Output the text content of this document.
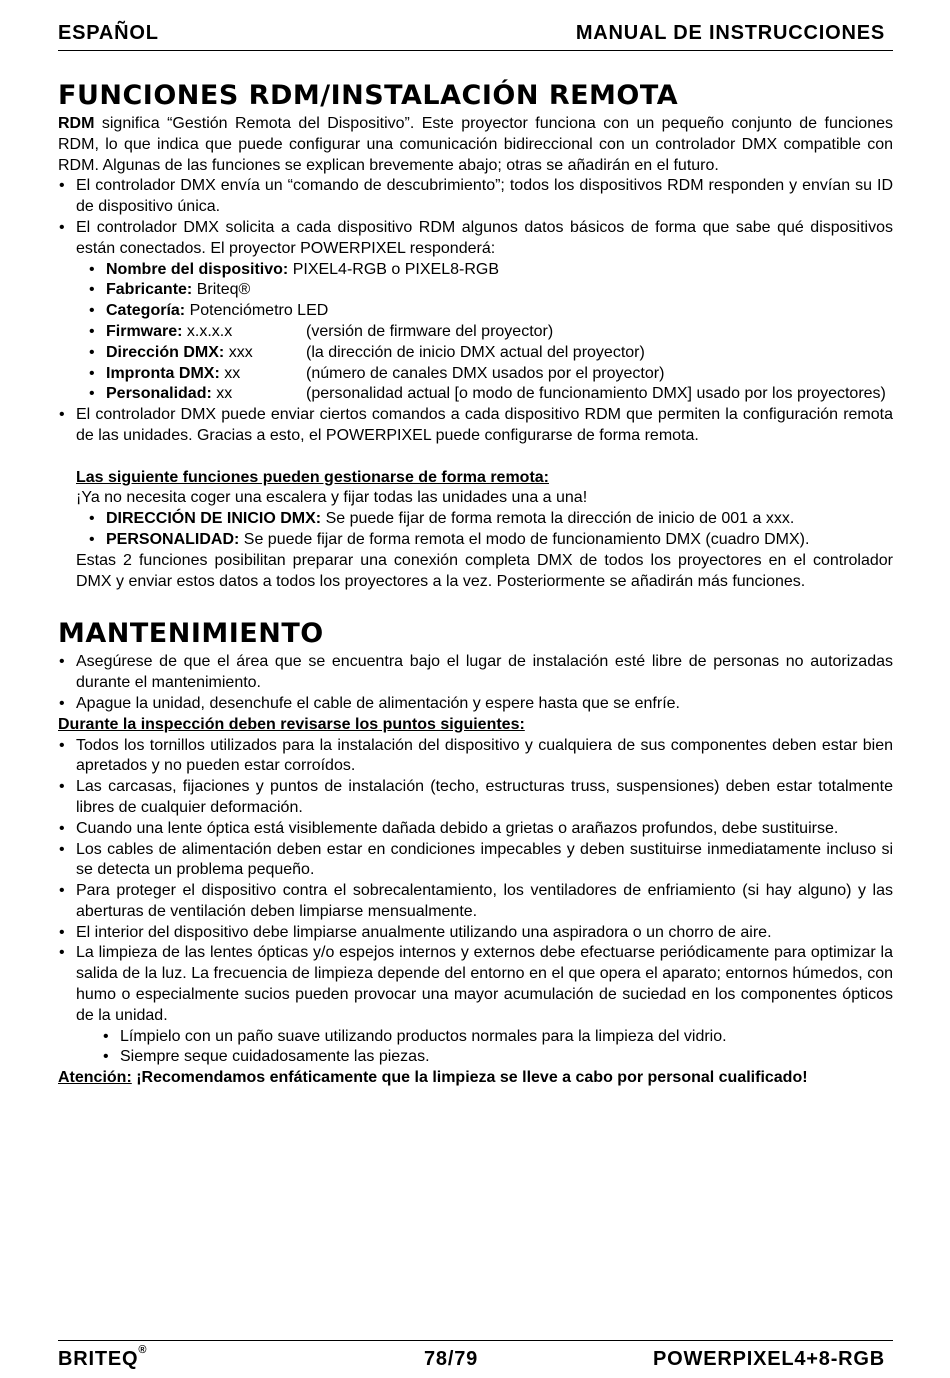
ESPAÑOL	MANUAL DE INSTRUCCIONES
FUNCIONES RDM/INSTALACIÓN REMOTA

RDM significa “Gestión Remota del Dispositivo”. Este proyector funciona con un pequeño conjunto de funciones RDM, lo que indica que puede configurar una comunicación bidireccional con un controlador DMX compatible con RDM. Algunas de las funciones se explican brevemente abajo; otras se añadirán en el futuro.

• El controlador DMX envía un “comando de descubrimiento”; todos los dispositivos RDM responden y envían su ID de dispositivo única.
• El controlador DMX solicita a cada dispositivo RDM algunos datos básicos de forma que sabe qué dispositivos están conectados. El proyector POWERPIXEL responderá:
• Nombre del dispositivo: PIXEL4-RGB o PIXEL8-RGB
• Fabricante: Briteq®
• Categoría: Potenciómetro LED
• Firmware: x.x.x.x	(versión de firmware del proyector)
• Dirección DMX: xxx	(la dirección de inicio DMX actual del proyector)
• Impronta DMX: xx	(número de canales DMX usados por el proyector)
• Personalidad: xx	(personalidad actual [o modo de funcionamiento DMX] usado por los proyectores)
• El controlador DMX puede enviar ciertos comandos a cada dispositivo RDM que permiten la configuración remota de las unidades. Gracias a esto, el POWERPIXEL puede configurarse de forma remota.
Las siguiente funciones pueden gestionarse de forma remota:
¡Ya no necesita coger una escalera y fijar todas las unidades una a una!
• DIRECCIÓN DE INICIO DMX: Se puede fijar de forma remota la dirección de inicio de 001 a xxx.
• PERSONALIDAD: Se puede fijar de forma remota el modo de funcionamiento DMX (cuadro DMX).

Estas 2 funciones posibilitan preparar una conexión completa DMX de todos los proyectores en el controlador DMX y enviar estos datos a todos los proyectores a la vez. Posteriormente se añadirán más funciones.

MANTENIMIENTO
• Asegúrese de que el área que se encuentra bajo el lugar de instalación esté libre de personas no autorizadas durante el mantenimiento.
• Apague la unidad, desenchufe el cable de alimentación y espere hasta que se enfríe.
Durante la inspección deben revisarse los puntos siguientes:
• Todos los tornillos utilizados para la instalación del dispositivo y cualquiera de sus componentes deben estar bien apretados y no pueden estar corroídos.
• Las carcasas, fijaciones y puntos de instalación (techo, estructuras truss, suspensiones) deben estar totalmente libres de cualquier deformación.
• Cuando una lente óptica está visiblemente dañada debido a grietas o arañazos profundos, debe sustituirse.
• Los cables de alimentación deben estar en condiciones impecables y deben sustituirse inmediatamente incluso si se detecta un problema pequeño.
• Para proteger el dispositivo contra el sobrecalentamiento, los ventiladores de enfriamiento (si hay alguno) y las aberturas de ventilación deben limpiarse mensualmente.
• El interior del dispositivo debe limpiarse anualmente utilizando una aspiradora o un chorro de aire.
• La limpieza de las lentes ópticas y/o espejos internos y externos debe efectuarse periódicamente para optimizar la salida de la luz. La frecuencia de limpieza depende del entorno en el que opera el aparato; entornos húmedos, con humo o especialmente sucios pueden provocar una mayor acumulación de suciedad en los componentes ópticos de la unidad.
• Límpielo con un paño suave utilizando productos normales para la limpieza del vidrio.
• Siempre seque cuidadosamente las piezas.
Atención: ¡Recomendamos enfáticamente que la limpieza se lleve a cabo por personal cualificado!
BRITEQ®	78/79	POWERPIXEL4+8-RGB
